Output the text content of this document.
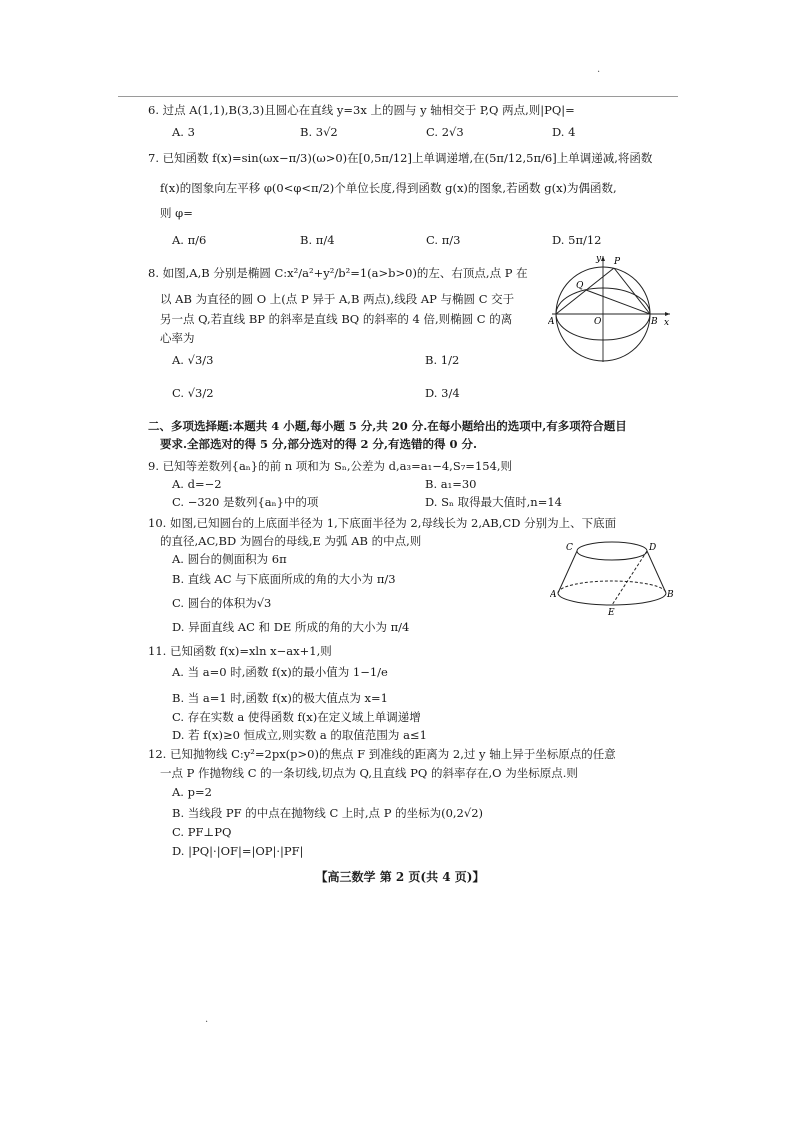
.
.
6. 过点 A(1,1),B(3,3)且圆心在直线 y=3x 上的圆与 y 轴相交于 P,Q 两点,则|PQ|=
A. 3	B. 3√2	C. 2√3	D. 4
7. 已知函数 f(x)=sin(ωx−π/3)(ω>0)在[0,5π/12]上单调递增,在(5π/12,5π/6]上单调递减,将函数
f(x)的图象向左平移 φ(0<φ<π/2)个单位长度,得到函数 g(x)的图象,若函数 g(x)为偶函数,
则 φ=
A. π/6	B. π/4	C. π/3	D. 5π/12
8. 如图,A,B 分别是椭圆 C:x²/a²+y²/b²=1(a>b>0)的左、右顶点,点 P 在
以 AB 为直径的圆 O 上(点 P 异于 A,B 两点),线段 AP 与椭圆 C 交于
另一点 Q,若直线 BP 的斜率是直线 BQ 的斜率的 4 倍,则椭圆 C 的离
心率为
A. √3/3	B. 1/2
C. √3/2	D. 3/4
y
x
P
Q
A	O	B
二、多项选择题:本题共 4 小题,每小题 5 分,共 20 分.在每小题给出的选项中,有多项符合题目
要求.全部选对的得 5 分,部分选对的得 2 分,有选错的得 0 分.
9. 已知等差数列{aₙ}的前 n 项和为 Sₙ,公差为 d,a₃=a₁−4,S₇=154,则
A. d=−2	B. a₁=30
C. −320 是数列{aₙ}中的项	D. Sₙ 取得最大值时,n=14
10. 如图,已知圆台的上底面半径为 1,下底面半径为 2,母线长为 2,AB,CD 分别为上、下底面
的直径,AC,BD 为圆台的母线,E 为弧 AB 的中点,则
A. 圆台的侧面积为 6π
B. 直线 AC 与下底面所成的角的大小为 π/3
C. 圆台的体积为√3
D. 异面直线 AC 和 DE 所成的角的大小为 π/4
C	D
A	B
E
11. 已知函数 f(x)=xln x−ax+1,则
A. 当 a=0 时,函数 f(x)的最小值为 1−1/e
B. 当 a=1 时,函数 f(x)的极大值点为 x=1
C. 存在实数 a 使得函数 f(x)在定义域上单调递增
D. 若 f(x)≥0 恒成立,则实数 a 的取值范围为 a≤1
12. 已知抛物线 C:y²=2px(p>0)的焦点 F 到准线的距离为 2,过 y 轴上异于坐标原点的任意
一点 P 作抛物线 C 的一条切线,切点为 Q,且直线 PQ 的斜率存在,O 为坐标原点.则
A. p=2
B. 当线段 PF 的中点在抛物线 C 上时,点 P 的坐标为(0,2√2)
C. PF⊥PQ
D. |PQ|·|OF|=|OP|·|PF|
【高三数学 第 2 页(共 4 页)】
